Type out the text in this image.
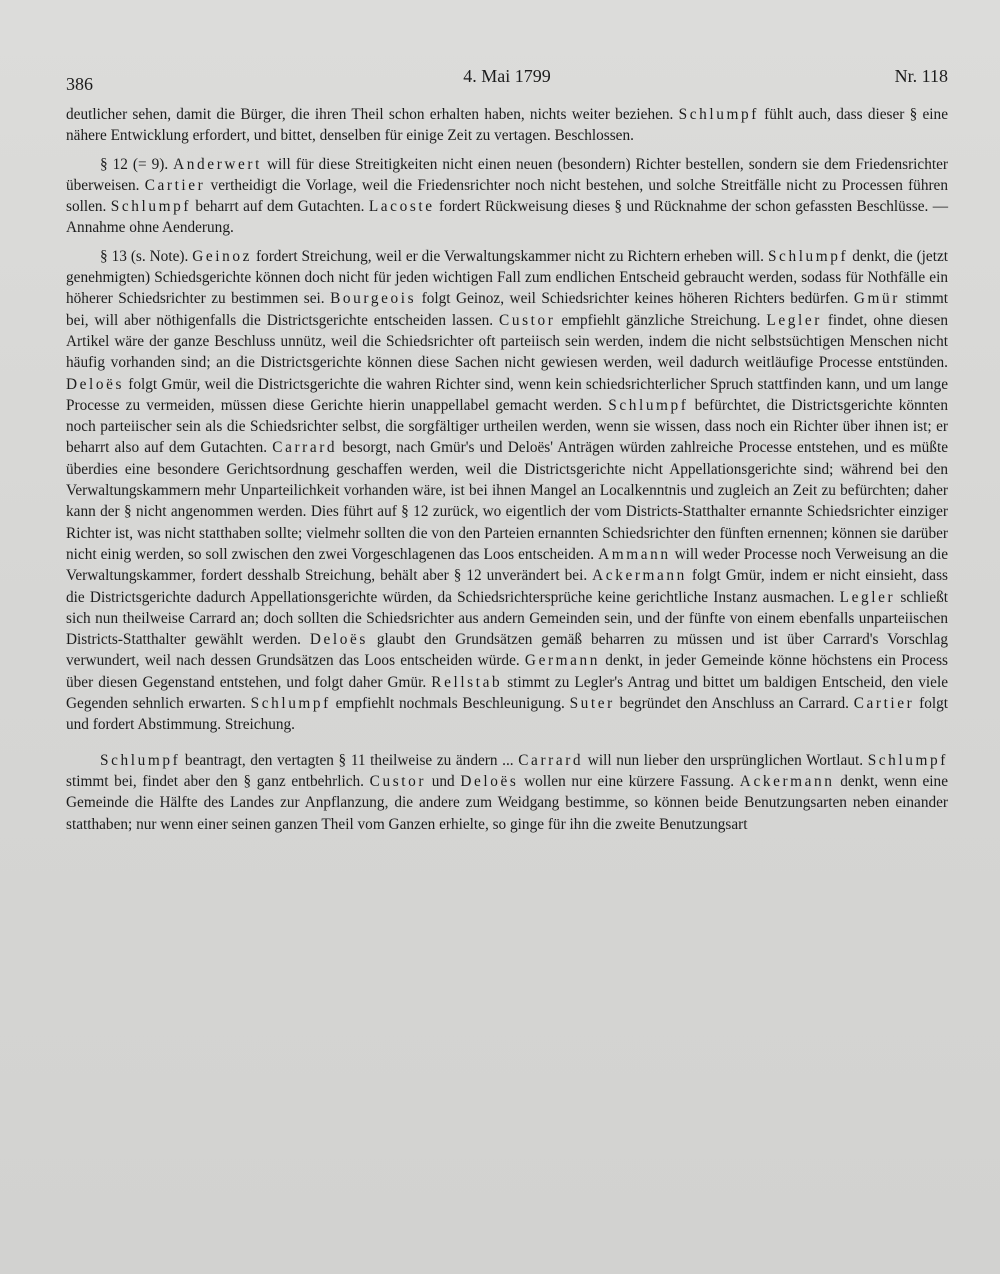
386	4. Mai 1799	Nr. 118

deutlicher sehen, damit die Bürger, die ihren Theil schon erhalten haben, nichts weiter beziehen. Schlumpf fühlt auch, dass dieser § eine nähere Entwicklung erfordert, und bittet, denselben für einige Zeit zu vertagen. Beschlossen.

§ 12 (= 9). Anderwert will für diese Streitigkeiten nicht einen neuen (besondern) Richter bestellen, sondern sie dem Friedensrichter überweisen. Cartier vertheidigt die Vorlage, weil die Friedensrichter noch nicht bestehen, und solche Streitfälle nicht zu Processen führen sollen. Schlumpf beharrt auf dem Gutachten. Lacoste fordert Rückweisung dieses § und Rücknahme der schon gefassten Beschlüsse. — Annahme ohne Aenderung.

§ 13 (s. Note). Geinoz fordert Streichung, weil er die Verwaltungskammer nicht zu Richtern erheben will. Schlumpf denkt, die (jetzt genehmigten) Schiedsgerichte können doch nicht für jeden wichtigen Fall zum endlichen Entscheid gebraucht werden, sodass für Nothfälle ein höherer Schiedsrichter zu bestimmen sei. Bourgeois folgt Geinoz, weil Schiedsrichter keines höheren Richters bedürfen. Gmür stimmt bei, will aber nöthigenfalls die Districtsgerichte entscheiden lassen. Custor empfiehlt gänzliche Streichung. Legler findet, ohne diesen Artikel wäre der ganze Beschluss unnütz, weil die Schiedsrichter oft parteiisch sein werden, indem die nicht selbstsüchtigen Menschen nicht häufig vorhanden sind; an die Districtsgerichte können diese Sachen nicht gewiesen werden, weil dadurch weitläufige Processe entstünden. Deloës folgt Gmür, weil die Districtsgerichte die wahren Richter sind, wenn kein schiedsrichterlicher Spruch stattfinden kann, und um lange Processe zu vermeiden, müssen diese Gerichte hierin unappellabel gemacht werden. Schlumpf befürchtet, die Districtsgerichte könnten noch parteiischer sein als die Schiedsrichter selbst, die sorgfältiger urtheilen werden, wenn sie wissen, dass noch ein Richter über ihnen ist; er beharrt also auf dem Gutachten. Carrard besorgt, nach Gmür's und Deloës' Anträgen würden zahlreiche Processe entstehen, und es müßte überdies eine besondere Gerichtsordnung geschaffen werden, weil die Districtsgerichte nicht Appellationsgerichte sind; während bei den Verwaltungskammern mehr Unparteilichkeit vorhanden wäre, ist bei ihnen Mangel an Localkenntnis und zugleich an Zeit zu befürchten; daher kann der § nicht angenommen werden. Dies führt auf § 12 zurück, wo eigentlich der vom Districts-Statthalter ernannte Schiedsrichter einziger Richter ist, was nicht statthaben sollte; vielmehr sollten die von den Parteien ernannten Schiedsrichter den fünften ernennen; können sie darüber nicht einig werden, so soll zwischen den zwei Vorgeschlagenen das Loos entscheiden. Ammann will weder Processe noch Verweisung an die Verwaltungskammer, fordert desshalb Streichung, behält aber § 12 unverändert bei. Ackermann folgt Gmür, indem er nicht einsieht, dass die Districtsgerichte dadurch Appellationsgerichte würden, da Schiedsrichtersprüche keine gerichtliche Instanz ausmachen. Legler schließt sich nun theilweise Carrard an; doch sollten die Schiedsrichter aus andern Gemeinden sein, und der fünfte von einem ebenfalls unparteiischen Districts-Statthalter gewählt werden. Deloës glaubt den Grundsätzen gemäß beharren zu müssen und ist über Carrard's Vorschlag verwundert, weil nach dessen Grundsätzen das Loos entscheiden würde. Germann denkt, in jeder Gemeinde könne höchstens ein Process über diesen Gegenstand entstehen, und folgt daher Gmür. Rellstab stimmt zu Legler's Antrag und bittet um baldigen Entscheid, den viele Gegenden sehnlich erwarten. Schlumpf empfiehlt nochmals Beschleunigung. Suter begründet den Anschluss an Carrard. Cartier folgt und fordert Abstimmung. Streichung.

Schlumpf beantragt, den vertagten § 11 theilweise zu ändern ... Carrard will nun lieber den ursprünglichen Wortlaut. Schlumpf stimmt bei, findet aber den § ganz entbehrlich. Custor und Deloës wollen nur eine kürzere Fassung. Ackermann denkt, wenn eine Gemeinde die Hälfte des Landes zur Anpflanzung, die andere zum Weidgang bestimme, so können beide Benutzungsarten neben einander statthaben; nur wenn einer seinen ganzen Theil vom Ganzen erhielte, so ginge für ihn die zweite Benutzungsart
